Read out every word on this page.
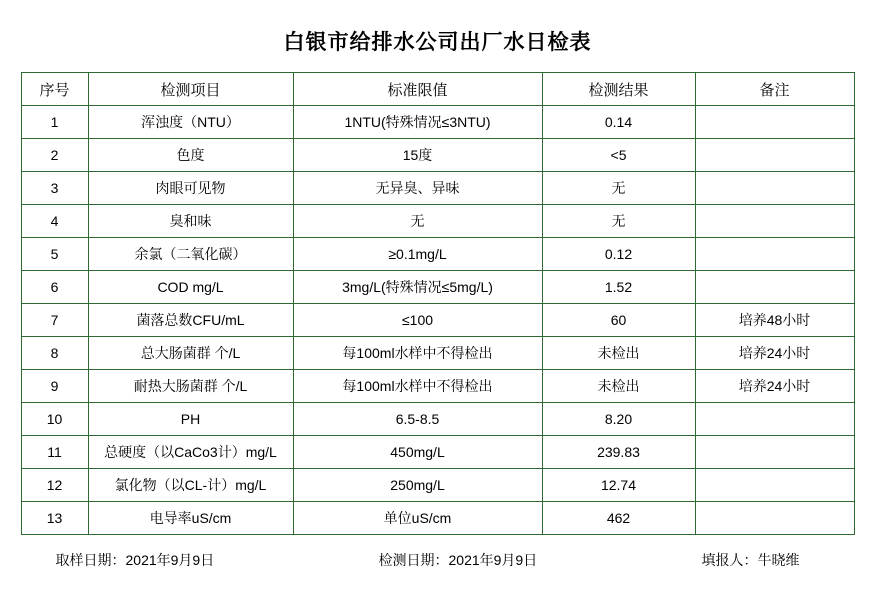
白银市给排水公司出厂水日检表
序号	检测项目	标准限值	检测结果	备注
1	浑浊度（NTU）	1NTU(特殊情况≤3NTU)	0.14	
2	色度	15度	<5	
3	肉眼可见物	无异臭、异味	无	
4	臭和味	无	无	
5	余氯（二氧化碳）	≥0.1mg/L	0.12	
6	COD mg/L	3mg/L(特殊情况≤5mg/L)	1.52	
7	菌落总数CFU/mL	≤100	60	培养48小时
8	总大肠菌群 个/L	每100ml水样中不得检出	未检出	培养24小时
9	耐热大肠菌群 个/L	每100ml水样中不得检出	未检出	培养24小时
10	PH	6.5-8.5	8.20	
11	总硬度（以CaCo3计）mg/L	450mg/L	239.83	
12	氯化物（以CL-计）mg/L	250mg/L	12.74	
13	电导率uS/cm	单位uS/cm	462	
取样日期：2021年9月9日	检测日期：2021年9月9日	填报人：牛晓维
